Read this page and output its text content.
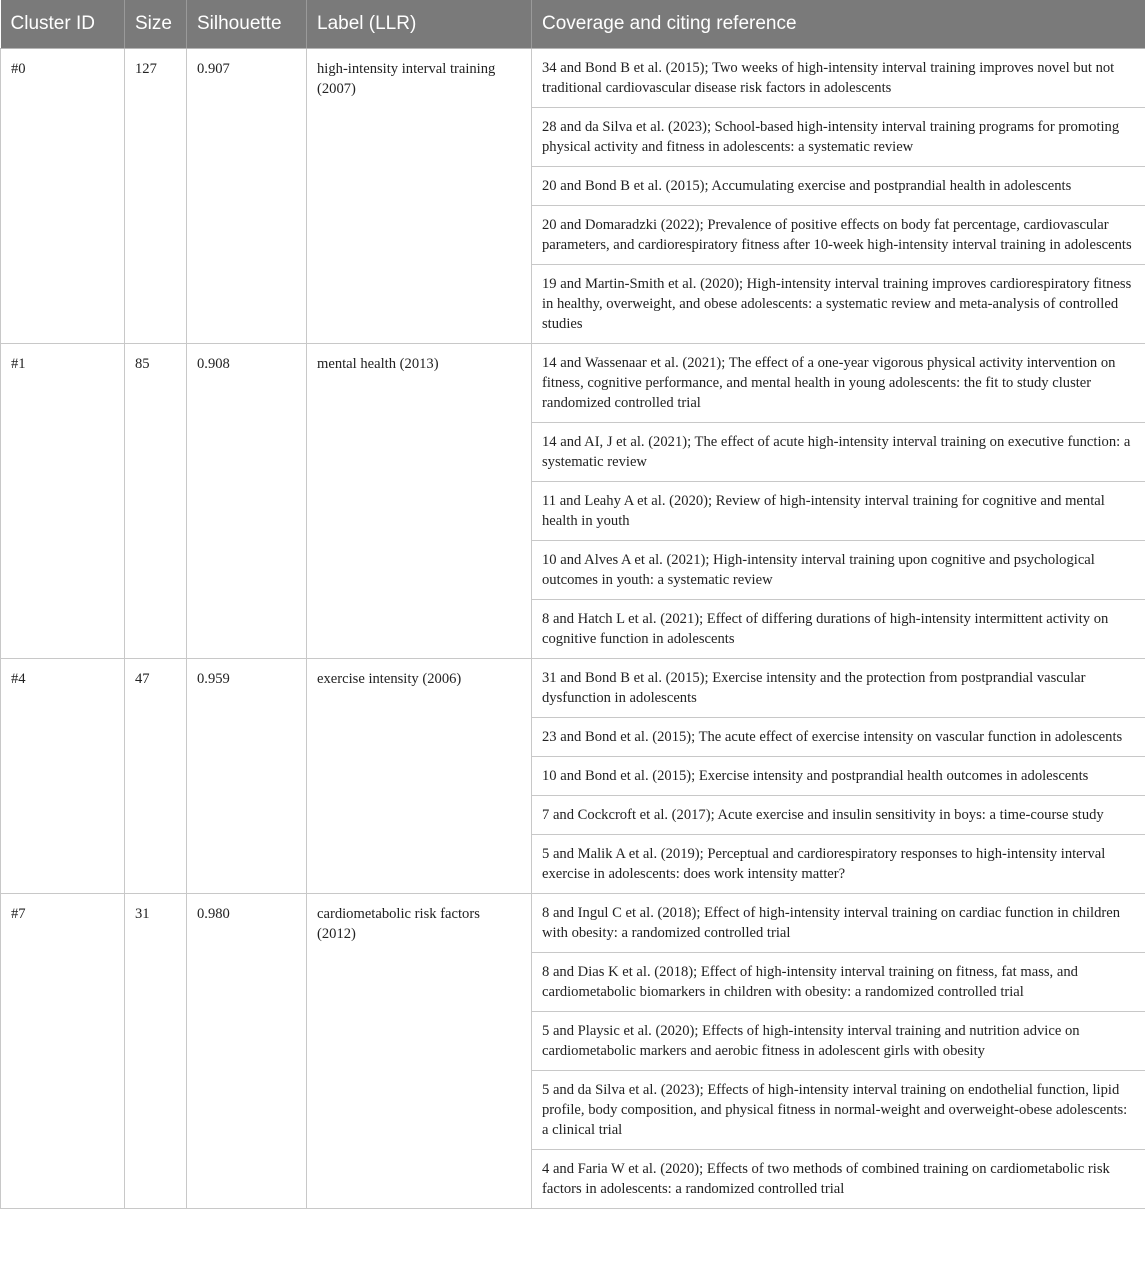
Cluster ID	Size	Silhouette	Label (LLR)	Coverage and citing reference
#0	127	0.907	high-intensity interval training (2007)	34 and Bond B et al. (2015); Two weeks of high-intensity interval training improves novel but not traditional cardiovascular disease risk factors in adolescents
				28 and da Silva et al. (2023); School-based high-intensity interval training programs for promoting physical activity and fitness in adolescents: a systematic review
				20 and Bond B et al. (2015); Accumulating exercise and postprandial health in adolescents
				20 and Domaradzki (2022); Prevalence of positive effects on body fat percentage, cardiovascular parameters, and cardiorespiratory fitness after 10-week high-intensity interval training in adolescents
				19 and Martin-Smith et al. (2020); High-intensity interval training improves cardiorespiratory fitness in healthy, overweight, and obese adolescents: a systematic review and meta-analysis of controlled studies
#1	85	0.908	mental health (2013)	14 and Wassenaar et al. (2021); The effect of a one-year vigorous physical activity intervention on fitness, cognitive performance, and mental health in young adolescents: the fit to study cluster randomized controlled trial
				14 and AI, J et al. (2021); The effect of acute high-intensity interval training on executive function: a systematic review
				11 and Leahy A et al. (2020); Review of high-intensity interval training for cognitive and mental health in youth
				10 and Alves A et al. (2021); High-intensity interval training upon cognitive and psychological outcomes in youth: a systematic review
				8 and Hatch L et al. (2021); Effect of differing durations of high-intensity intermittent activity on cognitive function in adolescents
#4	47	0.959	exercise intensity (2006)	31 and Bond B et al. (2015); Exercise intensity and the protection from postprandial vascular dysfunction in adolescents
				23 and Bond et al. (2015); The acute effect of exercise intensity on vascular function in adolescents
				10 and Bond et al. (2015); Exercise intensity and postprandial health outcomes in adolescents
				7 and Cockcroft et al. (2017); Acute exercise and insulin sensitivity in boys: a time-course study
				5 and Malik A et al. (2019); Perceptual and cardiorespiratory responses to high-intensity interval exercise in adolescents: does work intensity matter?
#7	31	0.980	cardiometabolic risk factors (2012)	8 and Ingul C et al. (2018); Effect of high-intensity interval training on cardiac function in children with obesity: a randomized controlled trial
				8 and Dias K et al. (2018); Effect of high-intensity interval training on fitness, fat mass, and cardiometabolic biomarkers in children with obesity: a randomized controlled trial
				5 and Playsic et al. (2020); Effects of high-intensity interval training and nutrition advice on cardiometabolic markers and aerobic fitness in adolescent girls with obesity
				5 and da Silva et al. (2023); Effects of high-intensity interval training on endothelial function, lipid profile, body composition, and physical fitness in normal-weight and overweight-obese adolescents: a clinical trial
				4 and Faria W et al. (2020); Effects of two methods of combined training on cardiometabolic risk factors in adolescents: a randomized controlled trial
